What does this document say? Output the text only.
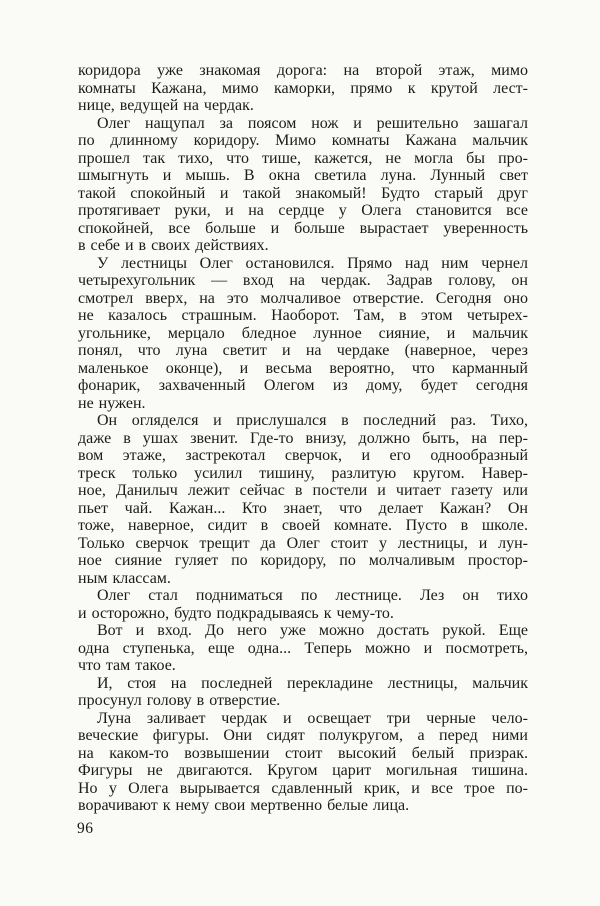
коридора уже знакомая дорога: на второй этаж, мимо
комнаты Кажана, мимо каморки, прямо к крутой лест-
нице, ведущей на чердак.
Олег нащупал за поясом нож и решительно зашагал
по длинному коридору. Мимо комнаты Кажана мальчик
прошел так тихо, что тише, кажется, не могла бы про-
шмыгнуть и мышь. В окна светила луна. Лунный свет
такой спокойный и такой знакомый! Будто старый друг
протягивает руки, и на сердце у Олега становится все
спокойней, все больше и больше вырастает уверенность
в себе и в своих действиях.
У лестницы Олег остановился. Прямо над ним чернел
четырехугольник — вход на чердак. Задрав голову, он
смотрел вверх, на это молчаливое отверстие. Сегодня оно
не казалось страшным. Наоборот. Там, в этом четырех-
угольнике, мерцало бледное лунное сияние, и мальчик
понял, что луна светит и на чердаке (наверное, через
маленькое оконце), и весьма вероятно, что карманный
фонарик, захваченный Олегом из дому, будет сегодня
не нужен.
Он огляделся и прислушался в последний раз. Тихо,
даже в ушах звенит. Где-то внизу, должно быть, на пер-
вом этаже, застрекотал сверчок, и его однообразный
треск только усилил тишину, разлитую кругом. Навер-
ное, Данилыч лежит сейчас в постели и читает газету или
пьет чай. Кажан... Кто знает, что делает Кажан? Он
тоже, наверное, сидит в своей комнате. Пусто в школе.
Только сверчок трещит да Олег стоит у лестницы, и лун-
ное сияние гуляет по коридору, по молчаливым простор-
ным классам.
Олег стал подниматься по лестнице. Лез он тихо
и осторожно, будто подкрадываясь к чему-то.
Вот и вход. До него уже можно достать рукой. Еще
одна ступенька, еще одна... Теперь можно и посмотреть,
что там такое.
И, стоя на последней перекладине лестницы, мальчик
просунул голову в отверстие.
Луна заливает чердак и освещает три черные чело-
веческие фигуры. Они сидят полукругом, а перед ними
на каком-то возвышении стоит высокий белый призрак.
Фигуры не двигаются. Кругом царит могильная тишина.
Но у Олега вырывается сдавленный крик, и все трое по-
ворачивают к нему свои мертвенно белые лица.
96
